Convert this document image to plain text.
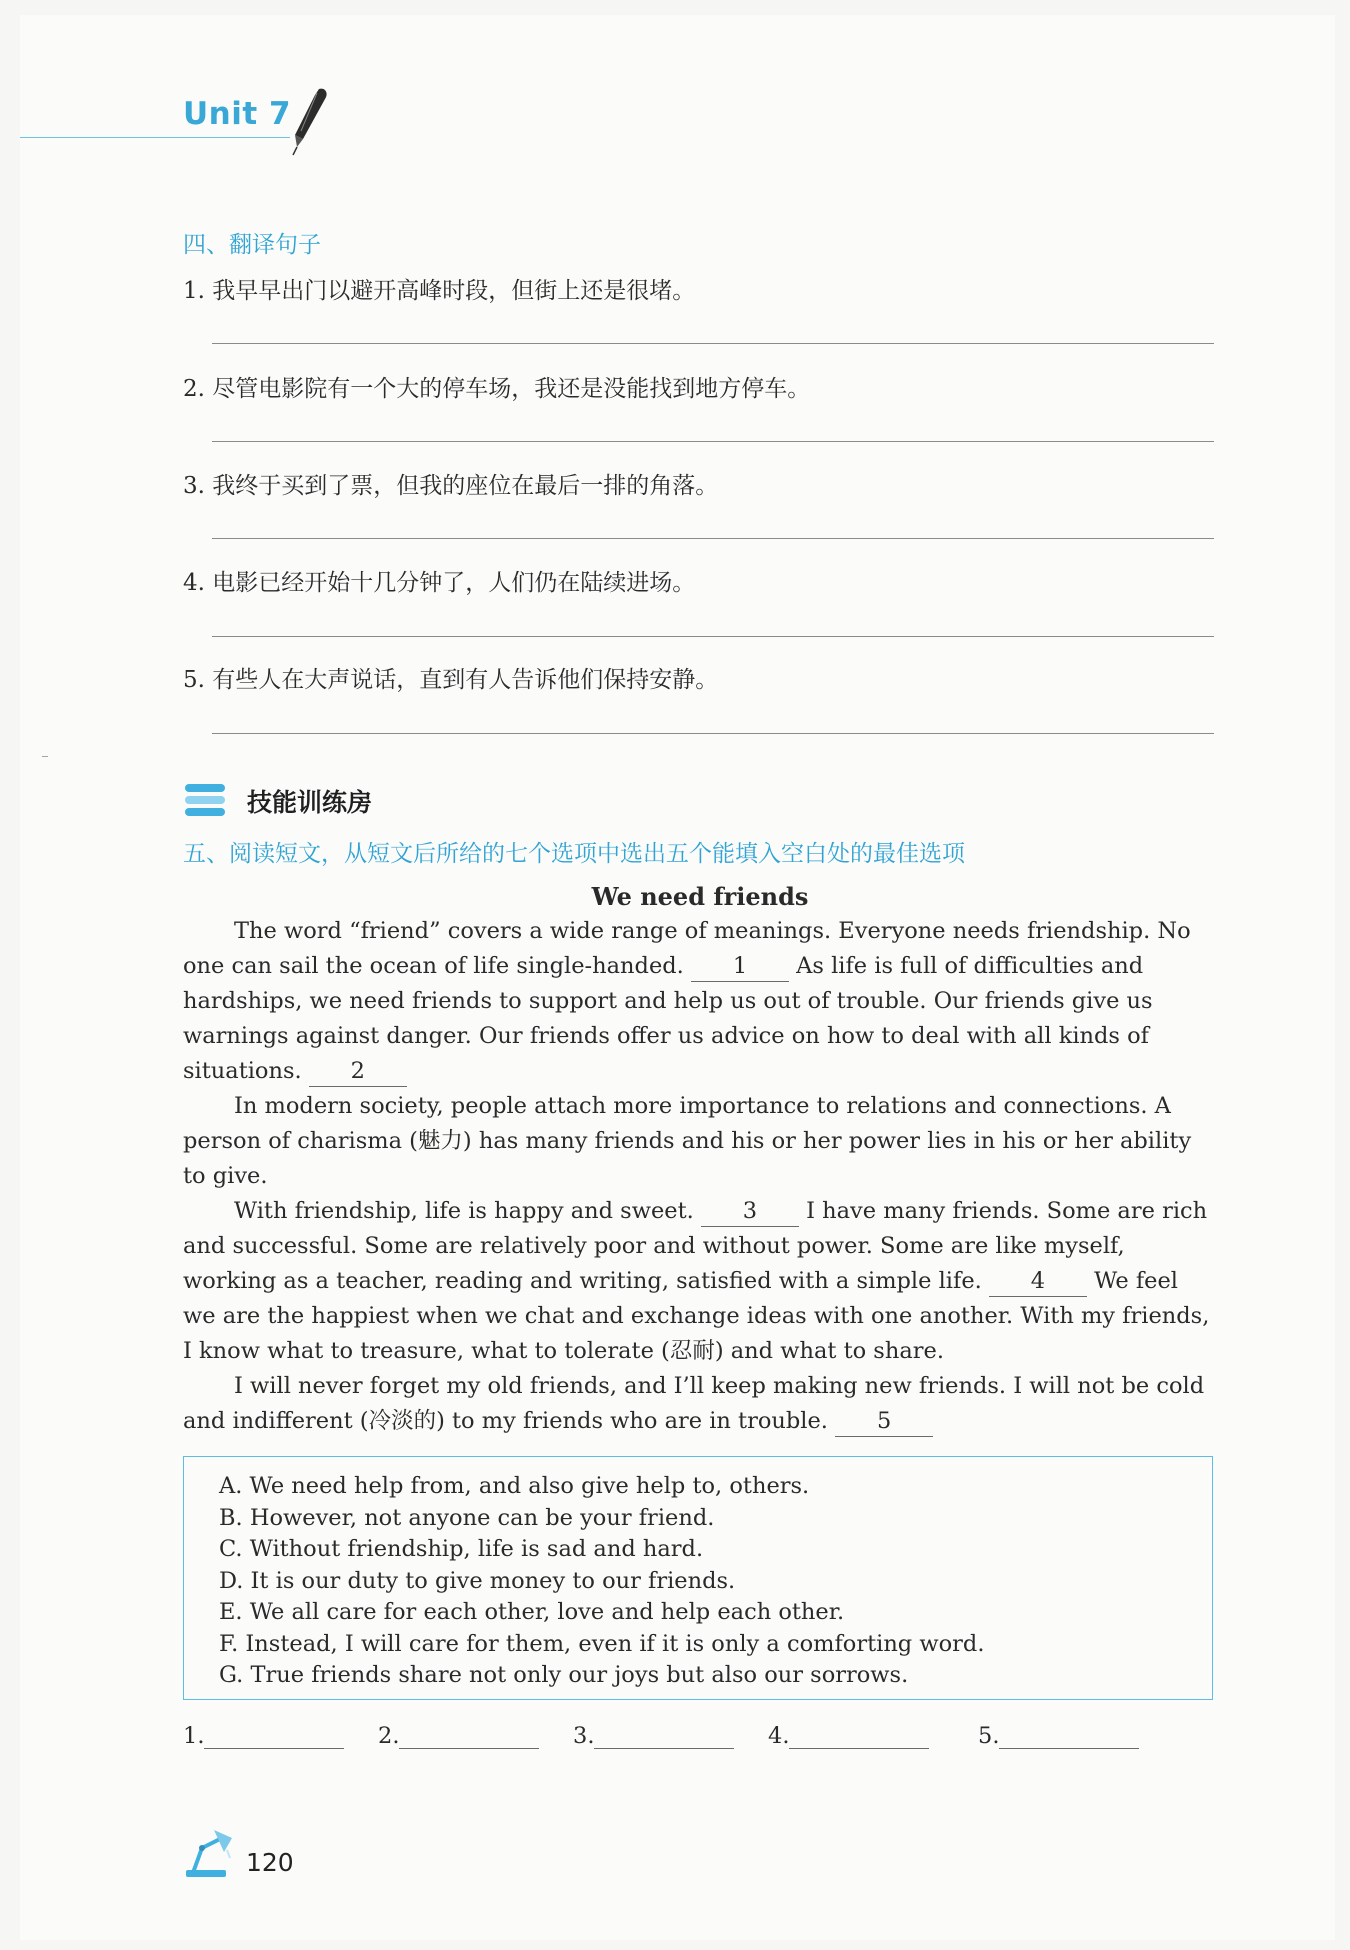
Unit 7
四、翻译句子
1. 我早早出门以避开高峰时段，但街上还是很堵。
2. 尽管电影院有一个大的停车场，我还是没能找到地方停车。
3. 我终于买到了票，但我的座位在最后一排的角落。
4. 电影已经开始十几分钟了，人们仍在陆续进场。
5. 有些人在大声说话，直到有人告诉他们保持安静。
技能训练房
五、阅读短文，从短文后所给的七个选项中选出五个能填入空白处的最佳选项
We need friends

The word “friend” covers a wide range of meanings. Everyone needs friendship. No one can sail the ocean of life single-handed. 1 As life is full of difficulties and hardships, we need friends to support and help us out of trouble. Our friends give us warnings against danger. Our friends offer us advice on how to deal with all kinds of situations. 2

In modern society, people attach more importance to relations and connections. A person of charisma (魅力) has many friends and his or her power lies in his or her ability to give.

With friendship, life is happy and sweet. 3 I have many friends. Some are rich and successful. Some are relatively poor and without power. Some are like myself, working as a teacher, reading and writing, satisfied with a simple life. 4 We feel we are the happiest when we chat and exchange ideas with one another. With my friends, I know what to treasure, what to tolerate (忍耐) and what to share.

I will never forget my old friends, and I’ll keep making new friends. I will not be cold and indifferent (冷淡的) to my friends who are in trouble. 5

A. We need help from, and also give help to, others.
B. However, not anyone can be your friend.
C. Without friendship, life is sad and hard.
D. It is our duty to give money to our friends.
E. We all care for each other, love and help each other.
F. Instead, I will care for them, even if it is only a comforting word.
G. True friends share not only our joys but also our sorrows.
1.	2.	3.	4.	5.
120
